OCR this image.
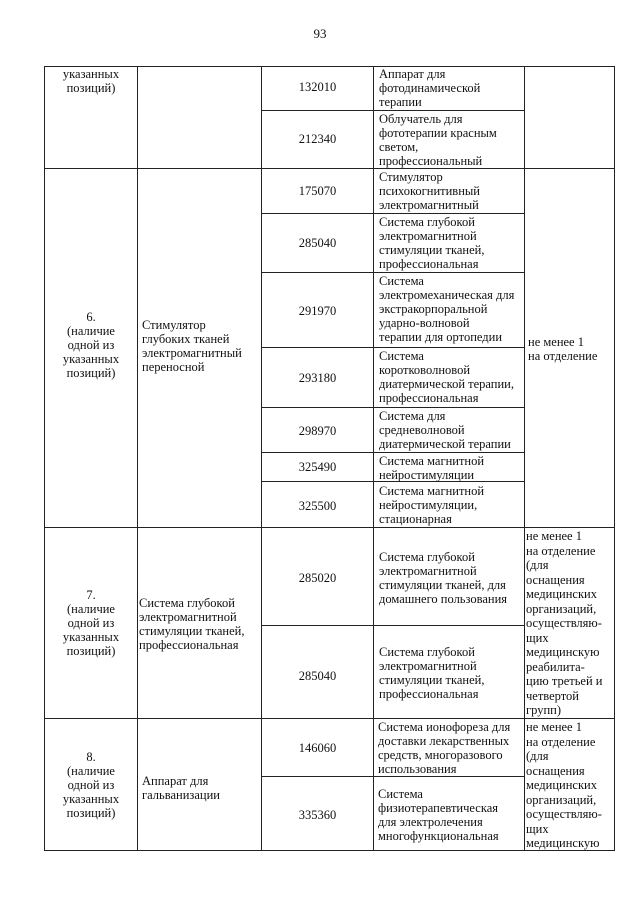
93
указанных
позиций)	132010
Аппарат для
фотодинамической
терапии
212340
Облучатель для
фототерапии красным
светом,
профессиональный
6.
(наличие
одной из
указанных
позиций)
Стимулятор
глубоких тканей
электромагнитный
переносной
не менее 1
на отделение
175070
Стимулятор
психокогнитивный
электромагнитный
285040
Система глубокой
электромагнитной
стимуляции тканей,
профессиональная
291970
Система
электромеханическая для
экстракорпоральной
ударно-волновой
терапии для ортопедии
293180
Система
коротковолновой
диатермической терапии,
профессиональная
298970
Система для
средневолновой
диатермической терапии
325490	Система магнитной
нейростимуляции
325500
Система магнитной
нейростимуляции,
стационарная
7.
(наличие
одной из
указанных
позиций)
Система глубокой
электромагнитной
стимуляции тканей,
профессиональная
не менее 1
на отделение
(для
оснащения
медицинских
организаций,
осуществляю-
щих
медицинскую
реабилита-
цию третьей и
четвертой
групп)
285020
Система глубокой
электромагнитной
стимуляции тканей, для
домашнего пользования
285040
Система глубокой
электромагнитной
стимуляции тканей,
профессиональная
8.
(наличие
одной из
указанных
позиций)
Аппарат для
гальванизации
не менее 1
на отделение
(для
оснащения
медицинских
организаций,
осуществляю-
щих
медицинскую
146060
Система ионофореза для
доставки лекарственных
средств, многоразового
использования
335360
Система
физиотерапевтическая
для электролечения
многофункциональная
